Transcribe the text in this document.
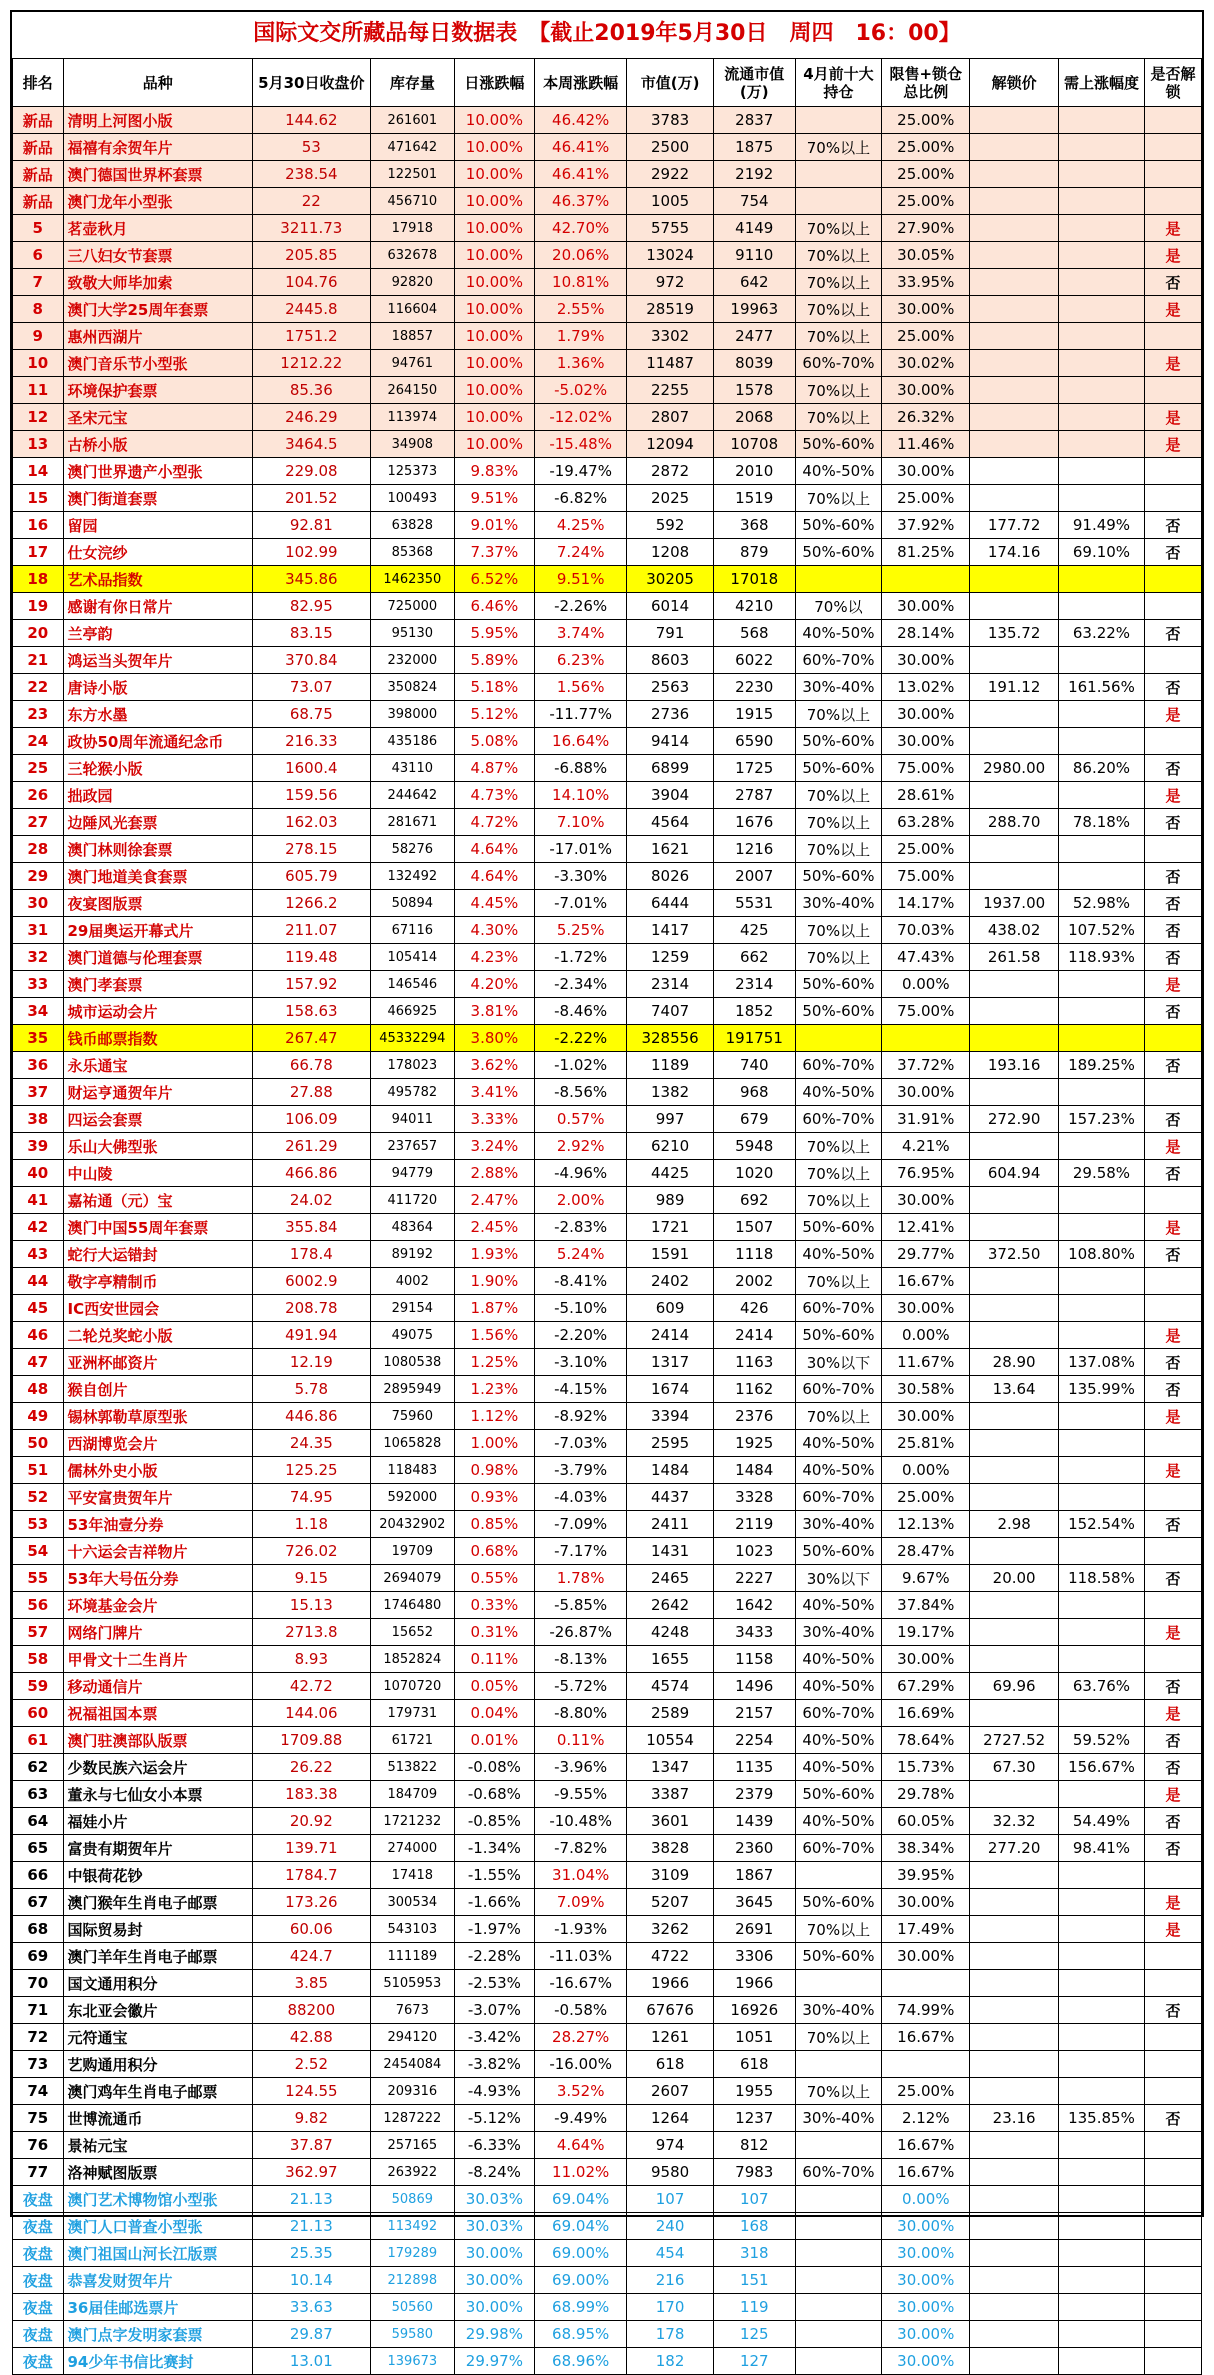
国际文交所藏品每日数据表　【截止2019年5月30日　周四　16：00】
排名	品种	5月30日收盘价	库存量	日涨跌幅	本周涨跌幅	市值(万)	流通市值(万)	4月前十大持仓	限售+锁仓总比例	解锁价	需上涨幅度	是否解锁
新品	清明上河图小版	144.62	261601	10.00%	46.42%	3783	2837		25.00%			
新品	福禧有余贺年片	53	471642	10.00%	46.41%	2500	1875	70%以上	25.00%			
新品	澳门德国世界杯套票	238.54	122501	10.00%	46.41%	2922	2192		25.00%			
新品	澳门龙年小型张	22	456710	10.00%	46.37%	1005	754		25.00%			
5	茗壶秋月	3211.73	17918	10.00%	42.70%	5755	4149	70%以上	27.90%			是
6	三八妇女节套票	205.85	632678	10.00%	20.06%	13024	9110	70%以上	30.05%			是
7	致敬大师毕加索	104.76	92820	10.00%	10.81%	972	642	70%以上	33.95%			否
8	澳门大学25周年套票	2445.8	116604	10.00%	2.55%	28519	19963	70%以上	30.00%			是
9	惠州西湖片	1751.2	18857	10.00%	1.79%	3302	2477	70%以上	25.00%			
10	澳门音乐节小型张	1212.22	94761	10.00%	1.36%	11487	8039	60%-70%	30.02%			是
11	环境保护套票	85.36	264150	10.00%	-5.02%	2255	1578	70%以上	30.00%			
12	圣宋元宝	246.29	113974	10.00%	-12.02%	2807	2068	70%以上	26.32%			是
13	古桥小版	3464.5	34908	10.00%	-15.48%	12094	10708	50%-60%	11.46%			是
14	澳门世界遗产小型张	229.08	125373	9.83%	-19.47%	2872	2010	40%-50%	30.00%			
15	澳门街道套票	201.52	100493	9.51%	-6.82%	2025	1519	70%以上	25.00%			
16	留园	92.81	63828	9.01%	4.25%	592	368	50%-60%	37.92%	177.72	91.49%	否
17	仕女浣纱	102.99	85368	7.37%	7.24%	1208	879	50%-60%	81.25%	174.16	69.10%	否
18	艺术品指数	345.86	1462350	6.52%	9.51%	30205	17018					
19	感谢有你日常片	82.95	725000	6.46%	-2.26%	6014	4210	70%以	30.00%			
20	兰亭韵	83.15	95130	5.95%	3.74%	791	568	40%-50%	28.14%	135.72	63.22%	否
21	鸿运当头贺年片	370.84	232000	5.89%	6.23%	8603	6022	60%-70%	30.00%			
22	唐诗小版	73.07	350824	5.18%	1.56%	2563	2230	30%-40%	13.02%	191.12	161.56%	否
23	东方水墨	68.75	398000	5.12%	-11.77%	2736	1915	70%以上	30.00%			是
24	政协50周年流通纪念币	216.33	435186	5.08%	16.64%	9414	6590	50%-60%	30.00%			
25	三轮猴小版	1600.4	43110	4.87%	-6.88%	6899	1725	50%-60%	75.00%	2980.00	86.20%	否
26	拙政园	159.56	244642	4.73%	14.10%	3904	2787	70%以上	28.61%			是
27	边陲风光套票	162.03	281671	4.72%	7.10%	4564	1676	70%以上	63.28%	288.70	78.18%	否
28	澳门林则徐套票	278.15	58276	4.64%	-17.01%	1621	1216	70%以上	25.00%			
29	澳门地道美食套票	605.79	132492	4.64%	-3.30%	8026	2007	50%-60%	75.00%			否
30	夜宴图版票	1266.2	50894	4.45%	-7.01%	6444	5531	30%-40%	14.17%	1937.00	52.98%	否
31	29届奥运开幕式片	211.07	67116	4.30%	5.25%	1417	425	70%以上	70.03%	438.02	107.52%	否
32	澳门道德与伦理套票	119.48	105414	4.23%	-1.72%	1259	662	70%以上	47.43%	261.58	118.93%	否
33	澳门孝套票	157.92	146546	4.20%	-2.34%	2314	2314	50%-60%	0.00%			是
34	城市运动会片	158.63	466925	3.81%	-8.46%	7407	1852	50%-60%	75.00%			否
35	钱币邮票指数	267.47	45332294	3.80%	-2.22%	328556	191751					
36	永乐通宝	66.78	178023	3.62%	-1.02%	1189	740	60%-70%	37.72%	193.16	189.25%	否
37	财运亨通贺年片	27.88	495782	3.41%	-8.56%	1382	968	40%-50%	30.00%			
38	四运会套票	106.09	94011	3.33%	0.57%	997	679	60%-70%	31.91%	272.90	157.23%	否
39	乐山大佛型张	261.29	237657	3.24%	2.92%	6210	5948	70%以上	4.21%			是
40	中山陵	466.86	94779	2.88%	-4.96%	4425	1020	70%以上	76.95%	604.94	29.58%	否
41	嘉祐通（元）宝	24.02	411720	2.47%	2.00%	989	692	70%以上	30.00%			
42	澳门中国55周年套票	355.84	48364	2.45%	-2.83%	1721	1507	50%-60%	12.41%			是
43	蛇行大运错封	178.4	89192	1.93%	5.24%	1591	1118	40%-50%	29.77%	372.50	108.80%	否
44	敬字亭精制币	6002.9	4002	1.90%	-8.41%	2402	2002	70%以上	16.67%			
45	IC西安世园会	208.78	29154	1.87%	-5.10%	609	426	60%-70%	30.00%			
46	二轮兑奖蛇小版	491.94	49075	1.56%	-2.20%	2414	2414	50%-60%	0.00%			是
47	亚洲杯邮资片	12.19	1080538	1.25%	-3.10%	1317	1163	30%以下	11.67%	28.90	137.08%	否
48	猴自创片	5.78	2895949	1.23%	-4.15%	1674	1162	60%-70%	30.58%	13.64	135.99%	否
49	锡林郭勒草原型张	446.86	75960	1.12%	-8.92%	3394	2376	70%以上	30.00%			是
50	西湖博览会片	24.35	1065828	1.00%	-7.03%	2595	1925	40%-50%	25.81%			
51	儒林外史小版	125.25	118483	0.98%	-3.79%	1484	1484	40%-50%	0.00%			是
52	平安富贵贺年片	74.95	592000	0.93%	-4.03%	4437	3328	60%-70%	25.00%			
53	53年油壹分券	1.18	20432902	0.85%	-7.09%	2411	2119	30%-40%	12.13%	2.98	152.54%	否
54	十六运会吉祥物片	726.02	19709	0.68%	-7.17%	1431	1023	50%-60%	28.47%			
55	53年大号伍分券	9.15	2694079	0.55%	1.78%	2465	2227	30%以下	9.67%	20.00	118.58%	否
56	环境基金会片	15.13	1746480	0.33%	-5.85%	2642	1642	40%-50%	37.84%			
57	网络门牌片	2713.8	15652	0.31%	-26.87%	4248	3433	30%-40%	19.17%			是
58	甲骨文十二生肖片	8.93	1852824	0.11%	-8.13%	1655	1158	40%-50%	30.00%			
59	移动通信片	42.72	1070720	0.05%	-5.72%	4574	1496	40%-50%	67.29%	69.96	63.76%	否
60	祝福祖国本票	144.06	179731	0.04%	-8.80%	2589	2157	60%-70%	16.69%			是
61	澳门驻澳部队版票	1709.88	61721	0.01%	0.11%	10554	2254	40%-50%	78.64%	2727.52	59.52%	否
62	少数民族六运会片	26.22	513822	-0.08%	-3.96%	1347	1135	40%-50%	15.73%	67.30	156.67%	否
63	董永与七仙女小本票	183.38	184709	-0.68%	-9.55%	3387	2379	50%-60%	29.78%			是
64	福娃小片	20.92	1721232	-0.85%	-10.48%	3601	1439	40%-50%	60.05%	32.32	54.49%	否
65	富贵有期贺年片	139.71	274000	-1.34%	-7.82%	3828	2360	60%-70%	38.34%	277.20	98.41%	否
66	中银荷花钞	1784.7	17418	-1.55%	31.04%	3109	1867		39.95%			
67	澳门猴年生肖电子邮票	173.26	300534	-1.66%	7.09%	5207	3645	50%-60%	30.00%			是
68	国际贸易封	60.06	543103	-1.97%	-1.93%	3262	2691	70%以上	17.49%			是
69	澳门羊年生肖电子邮票	424.7	111189	-2.28%	-11.03%	4722	3306	50%-60%	30.00%			
70	国文通用积分	3.85	5105953	-2.53%	-16.67%	1966	1966					
71	东北亚会徽片	88200	7673	-3.07%	-0.58%	67676	16926	30%-40%	74.99%			否
72	元符通宝	42.88	294120	-3.42%	28.27%	1261	1051	70%以上	16.67%			
73	艺购通用积分	2.52	2454084	-3.82%	-16.00%	618	618					
74	澳门鸡年生肖电子邮票	124.55	209316	-4.93%	3.52%	2607	1955	70%以上	25.00%			
75	世博流通币	9.82	1287222	-5.12%	-9.49%	1264	1237	30%-40%	2.12%	23.16	135.85%	否
76	景祐元宝	37.87	257165	-6.33%	4.64%	974	812		16.67%			
77	洛神赋图版票	362.97	263922	-8.24%	11.02%	9580	7983	60%-70%	16.67%			
夜盘	澳门艺术博物馆小型张	21.13	50869	30.03%	69.04%	107	107		0.00%			
夜盘	澳门人口普查小型张	21.13	113492	30.03%	69.04%	240	168		30.00%			
夜盘	澳门祖国山河长江版票	25.35	179289	30.00%	69.00%	454	318		30.00%			
夜盘	恭喜发财贺年片	10.14	212898	30.00%	69.00%	216	151		30.00%			
夜盘	36届佳邮选票片	33.63	50560	30.00%	68.99%	170	119		30.00%			
夜盘	澳门点字发明家套票	29.87	59580	29.98%	68.95%	178	125		30.00%			
夜盘	94少年书信比赛封	13.01	139673	29.97%	68.96%	182	127		30.00%			
